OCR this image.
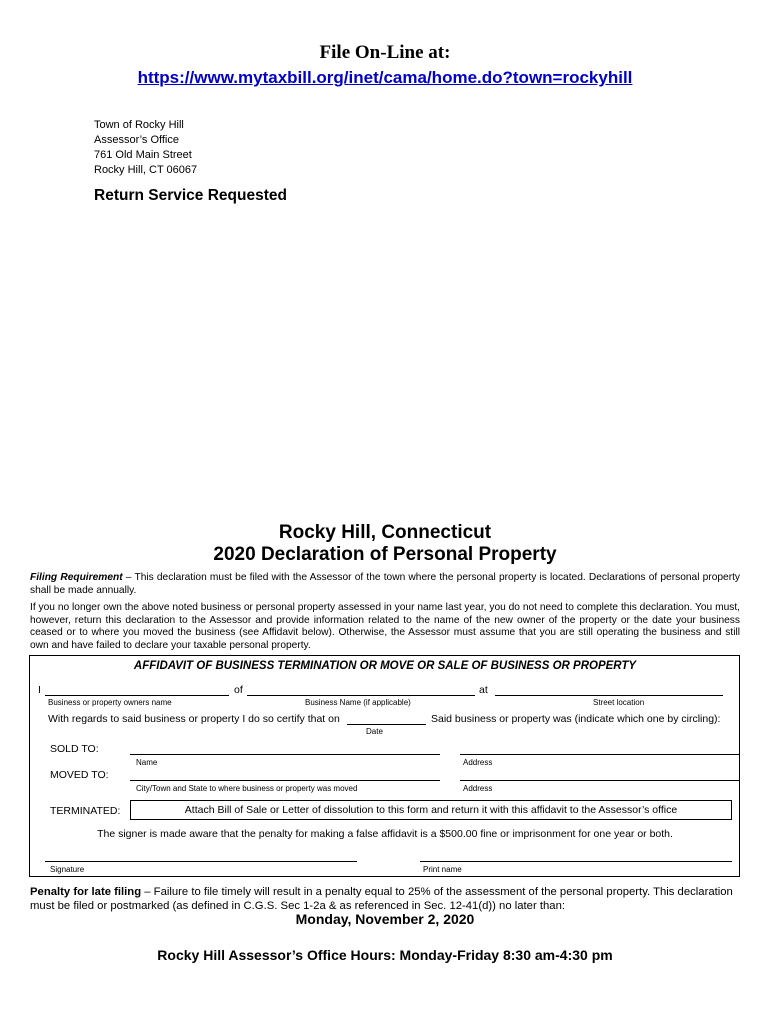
File On-Line at:
https://www.mytaxbill.org/inet/cama/home.do?town=rockyhill
Town of Rocky Hill
Assessor’s Office
761 Old Main Street
Rocky Hill, CT 06067
Return Service Requested
Rocky Hill, Connecticut
2020 Declaration of Personal Property
Filing Requirement – This declaration must be filed with the Assessor of the town where the personal property is located. Declarations of personal property shall be made annually.
If you no longer own the above noted business or personal property assessed in your name last year, you do not need to complete this declaration. You must, however, return this declaration to the Assessor and provide information related to the name of the new owner of the property or the date your business ceased or to where you moved the business (see Affidavit below). Otherwise, the Assessor must assume that you are still operating the business and still own and have failed to declare your taxable personal property.
AFFIDAVIT OF BUSINESS TERMINATION OR MOVE OR SALE OF BUSINESS OR PROPERTY
I	of	at
Business or property owners name	Business Name (if applicable)	Street location
With regards to said business or property I do so certify that on	Said business or property was (indicate which one by circling):
Date
SOLD TO:
Name	Address
MOVED TO:
City/Town and State to where business or property was moved	Address
TERMINATED:	Attach Bill of Sale or Letter of dissolution to this form and return it with this affidavit to the Assessor’s office
The signer is made aware that the penalty for making a false affidavit is a $500.00 fine or imprisonment for one year or both.
Signature	Print name
Penalty for late filing – Failure to file timely will result in a penalty equal to 25% of the assessment of the personal property. This declaration must be filed or postmarked (as defined in C.G.S. Sec 1-2a & as referenced in Sec. 12-41(d)) no later than:
Monday, November 2, 2020
Rocky Hill Assessor’s Office Hours: Monday-Friday 8:30 am-4:30 pm
